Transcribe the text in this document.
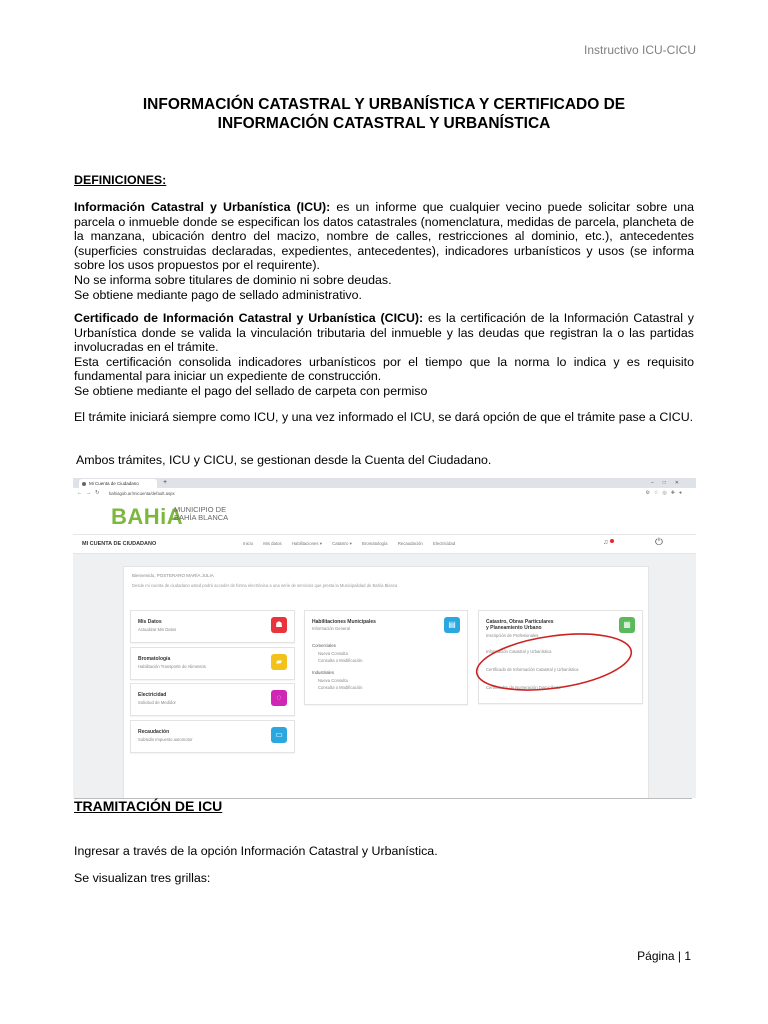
Instructivo ICU-CICU
INFORMACIÓN CATASTRAL Y URBANÍSTICA Y CERTIFICADO DE
INFORMACIÓN CATASTRAL Y URBANÍSTICA
DEFINICIONES:
Información Catastral y Urbanística (ICU): es un informe que cualquier vecino puede solicitar sobre una parcela o inmueble donde se especifican los datos catastrales (nomenclatura, medidas de parcela, plancheta de la manzana, ubicación dentro del macizo, nombre de calles, restricciones al dominio, etc.), antecedentes (superficies construidas declaradas, expedientes, antecedentes), indicadores urbanísticos y usos (se informa sobre los usos propuestos por el requirente).
No se informa sobre titulares de dominio ni sobre deudas.
Se obtiene mediante pago de sellado administrativo.
Certificado de Información Catastral y Urbanística (CICU): es la certificación de la Información Catastral y Urbanística donde se valida la vinculación tributaria del inmueble y las deudas que registran la o las partidas involucradas en el trámite.
Esta certificación consolida indicadores urbanísticos por el tiempo que la norma lo indica y es requisito fundamental para iniciar un expediente de construcción.
Se obtiene mediante el pago del sellado de carpeta con permiso
El trámite iniciará siempre como ICU, y una vez informado el ICU, se dará opción de que el trámite pase a CICU.
Ambos trámites, ICU y CICU, se gestionan desde la Cuenta del Ciudadano.
Mi Cuenta de Ciudadano	+	‒□✕
← → ↻ bahiagob.ar/micuenta/default.aspx	⚙☆◎✚●
BAHiA
MUNICIPIO DE
BAHÍA BLANCA
MI CUENTA DE CIUDADANO	Inicio Mis datos Habilitaciones ▾ Catastro ▾ Bromatología Recaudación Electricidad	♫	⏻
Bienvenido, POSTERARO MARÍA JULIA
Desde mi cuenta de ciudadano usted podrá acceder de forma electrónica a una serie de servicios que presta la Municipalidad de Bahía Blanca
Mis Datos
Actualizar Mis Datos
☗
Bromatología
Habilitación Transporte de Alimentos
▰
Electricidad
Solicitud de Medidor
◌
Recaudación
Subsidio Impuesto automotor
▭
Habilitaciones Municipales
Información General	▤
Comerciales
Nueva Consulta
Consulta o Modificación
Industriales
Nueva Consulta
Consulta o Modificación
Catastro, Obras Particulares
y Planeamiento Urbano
Inscripción de Profesionales
▦
Información Catastral y Urbanística
Certificado de Información Catastral y Urbanística
Certificados de Numeración Domiciliaria
TRAMITACIÓN DE ICU
Ingresar a través de la opción Información Catastral y Urbanística.
Se visualizan tres grillas:
Página | 1
